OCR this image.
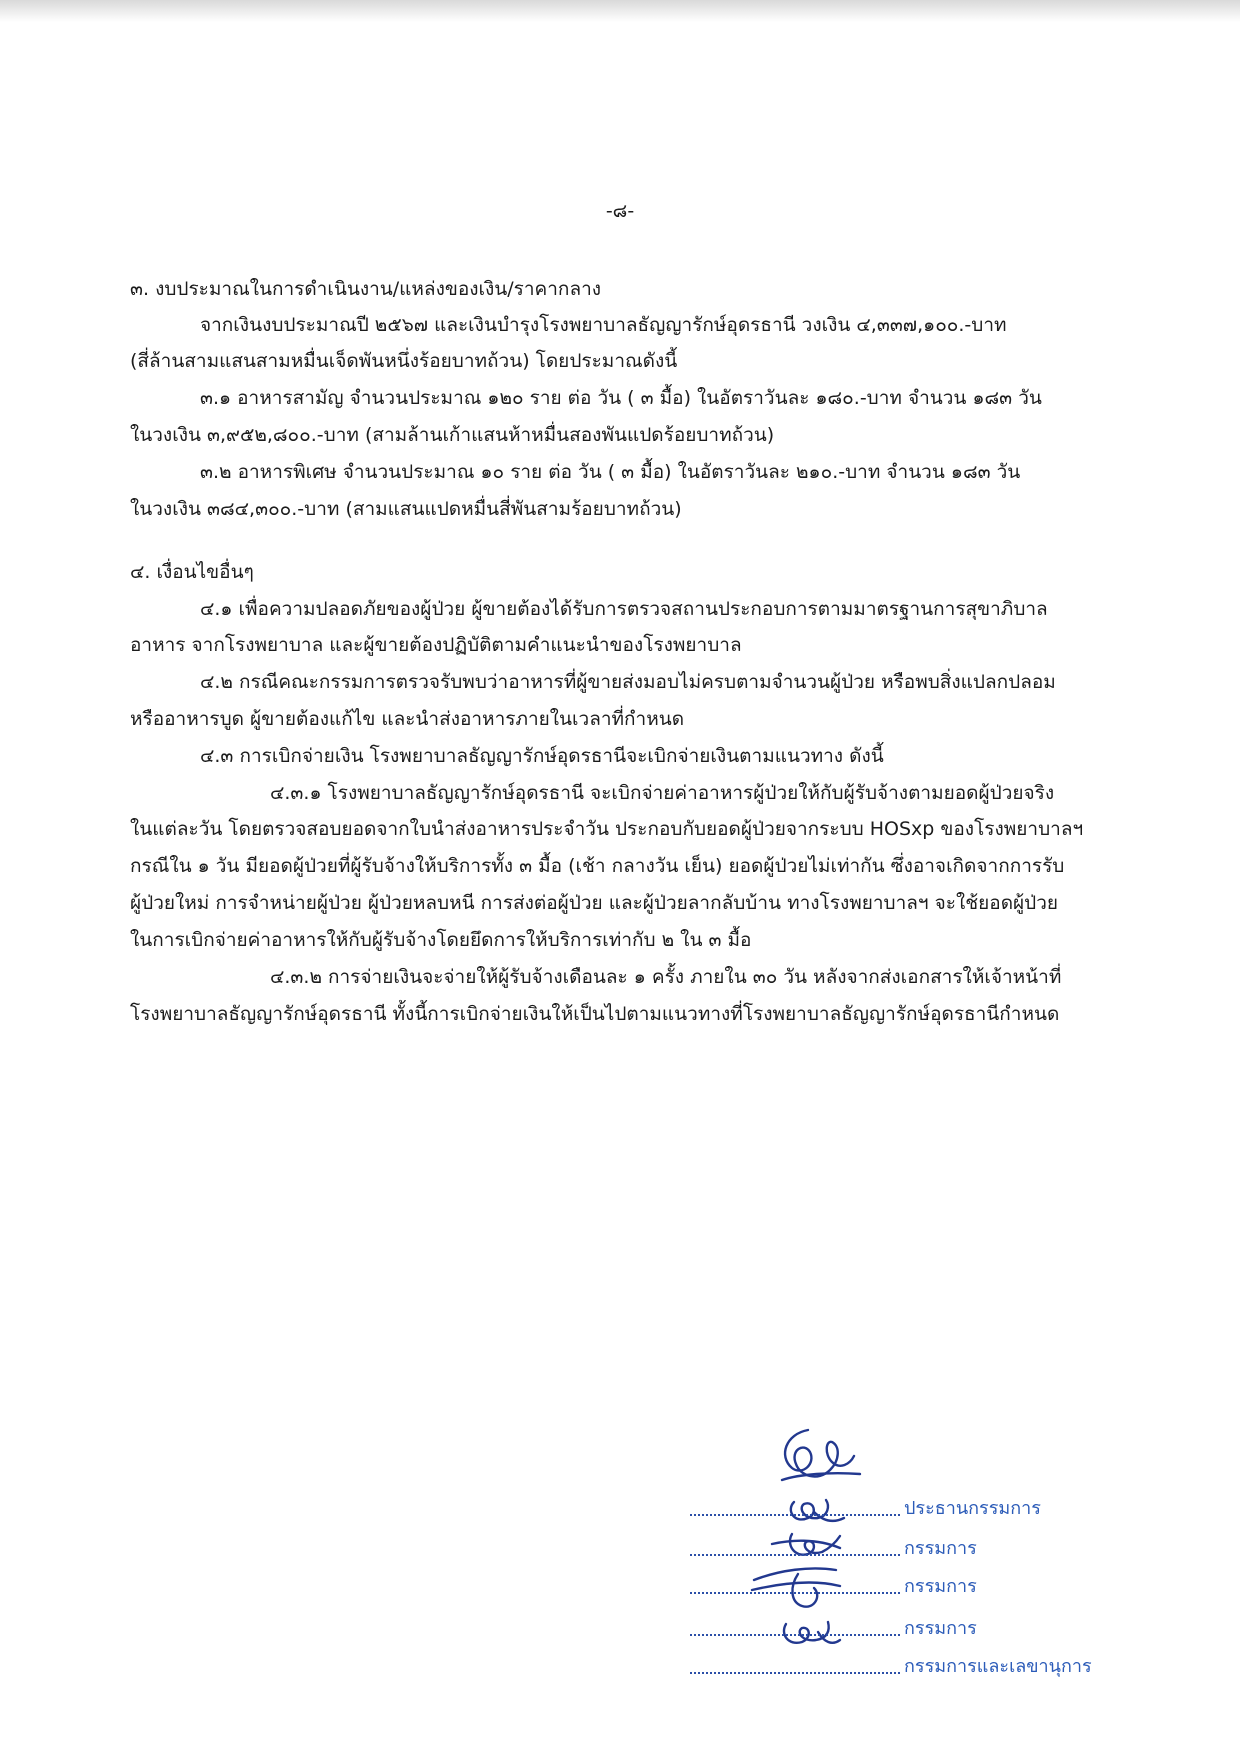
-๘-
๓. งบประมาณในการดำเนินงาน/แหล่งของเงิน/ราคากลาง
จากเงินงบประมาณปี ๒๕๖๗ และเงินบำรุงโรงพยาบาลธัญญารักษ์อุดรธานี วงเงิน ๔,๓๓๗,๑๐๐.-บาท
(สี่ล้านสามแสนสามหมื่นเจ็ดพันหนึ่งร้อยบาทถ้วน) โดยประมาณดังนี้
๓.๑ อาหารสามัญ จำนวนประมาณ ๑๒๐ ราย ต่อ วัน ( ๓ มื้อ) ในอัตราวันละ ๑๘๐.-บาท จำนวน ๑๘๓ วัน
ในวงเงิน ๓,๙๕๒,๘๐๐.-บาท (สามล้านเก้าแสนห้าหมื่นสองพันแปดร้อยบาทถ้วน)
๓.๒ อาหารพิเศษ จำนวนประมาณ ๑๐ ราย ต่อ วัน ( ๓ มื้อ) ในอัตราวันละ ๒๑๐.-บาท จำนวน ๑๘๓ วัน
ในวงเงิน ๓๘๔,๓๐๐.-บาท (สามแสนแปดหมื่นสี่พันสามร้อยบาทถ้วน)
๔. เงื่อนไขอื่นๆ
๔.๑ เพื่อความปลอดภัยของผู้ป่วย ผู้ขายต้องได้รับการตรวจสถานประกอบการตามมาตรฐานการสุขาภิบาล
อาหาร จากโรงพยาบาล และผู้ขายต้องปฏิบัติตามคำแนะนำของโรงพยาบาล
๔.๒ กรณีคณะกรรมการตรวจรับพบว่าอาหารที่ผู้ขายส่งมอบไม่ครบตามจำนวนผู้ป่วย หรือพบสิ่งแปลกปลอม
หรืออาหารบูด ผู้ขายต้องแก้ไข และนำส่งอาหารภายในเวลาที่กำหนด
๔.๓ การเบิกจ่ายเงิน โรงพยาบาลธัญญารักษ์อุดรธานีจะเบิกจ่ายเงินตามแนวทาง ดังนี้
๔.๓.๑ โรงพยาบาลธัญญารักษ์อุดรธานี จะเบิกจ่ายค่าอาหารผู้ป่วยให้กับผู้รับจ้างตามยอดผู้ป่วยจริง
ในแต่ละวัน โดยตรวจสอบยอดจากใบนำส่งอาหารประจำวัน ประกอบกับยอดผู้ป่วยจากระบบ HOSxp ของโรงพยาบาลฯ
กรณีใน ๑ วัน มียอดผู้ป่วยที่ผู้รับจ้างให้บริการทั้ง ๓ มื้อ (เช้า กลางวัน เย็น) ยอดผู้ป่วยไม่เท่ากัน ซึ่งอาจเกิดจากการรับ
ผู้ป่วยใหม่ การจำหน่ายผู้ป่วย ผู้ป่วยหลบหนี การส่งต่อผู้ป่วย และผู้ป่วยลากลับบ้าน ทางโรงพยาบาลฯ จะใช้ยอดผู้ป่วย
ในการเบิกจ่ายค่าอาหารให้กับผู้รับจ้างโดยยึดการให้บริการเท่ากับ ๒ ใน ๓ มื้อ
๔.๓.๒ การจ่ายเงินจะจ่ายให้ผู้รับจ้างเดือนละ ๑ ครั้ง ภายใน ๓๐ วัน หลังจากส่งเอกสารให้เจ้าหน้าที่
โรงพยาบาลธัญญารักษ์อุดรธานี ทั้งนี้การเบิกจ่ายเงินให้เป็นไปตามแนวทางที่โรงพยาบาลธัญญารักษ์อุดรธานีกำหนด
ประธานกรรมการ
กรรมการ
กรรมการ
กรรมการ
กรรมการและเลขานุการ
